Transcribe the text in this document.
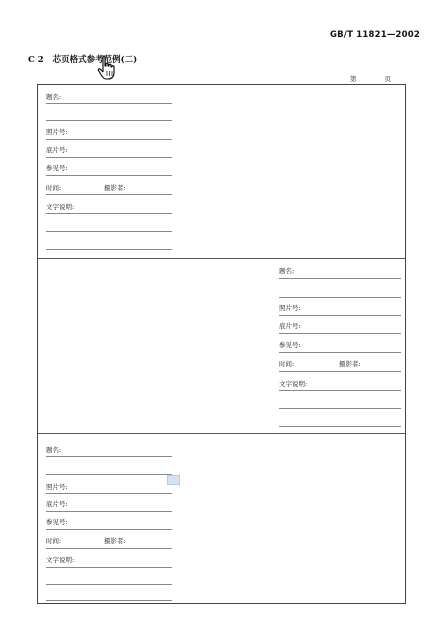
GB/T 11821—2002
C 2 芯页格式参考范例(二)
第 页
题名:
照片号:
底片号:
参见号:
时间:	摄影者:
文字说明:
题名:
照片号:
底片号:
参见号:
时间:	摄影者:
文字说明:
题名:
照片号:
底片号:
参见号:
时间:	摄影者:
文字说明:
